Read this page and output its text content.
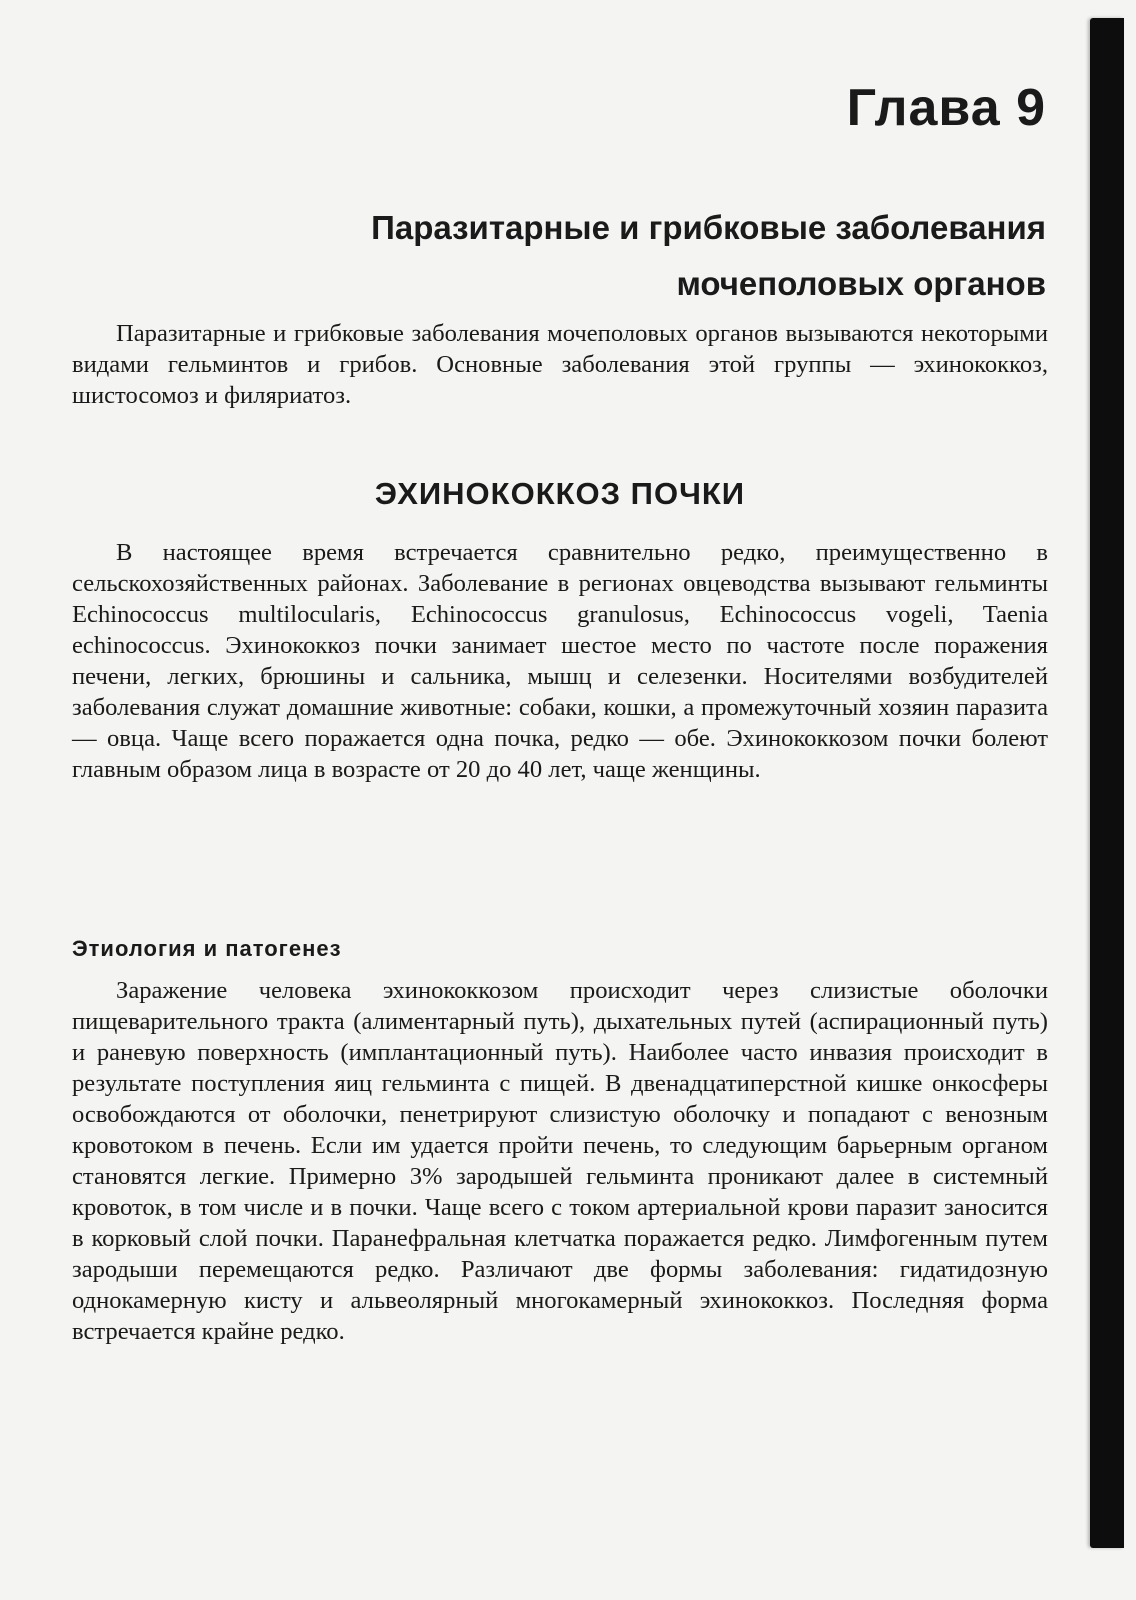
Глава 9
Паразитарные и грибковые заболевания
мочеполовых органов

Паразитарные и грибковые заболевания мочеполовых органов вызываются некоторыми видами гельминтов и грибов. Основные заболевания этой группы — эхинококкоз, шистосомоз и филяриатоз.

ЭХИНОКОККОЗ ПОЧКИ

В настоящее время встречается сравнительно редко, преимущественно в сельскохозяйственных районах. Заболевание в регионах овцеводства вызывают гельминты Echinococcus multilocularis, Echinococcus granulosus, Echinococcus vogeli, Taenia echinococcus. Эхинококкоз почки занимает шестое место по частоте после поражения печени, легких, брюшины и сальника, мышц и селезенки. Носителями возбудителей заболевания служат домашние животные: собаки, кошки, а промежуточный хозяин паразита — овца. Чаще всего поражается одна почка, редко — обе. Эхинококкозом почки болеют главным образом лица в возрасте от 20 до 40 лет, чаще женщины.

Этиология и патогенез

Заражение человека эхинококкозом происходит через слизистые оболочки пищеварительного тракта (алиментарный путь), дыхательных путей (аспирационный путь) и раневую поверхность (имплантационный путь). Наиболее часто инвазия происходит в результате поступления яиц гельминта с пищей. В двенадцатиперстной кишке онкосферы освобождаются от оболочки, пенетрируют слизистую оболочку и попадают с венозным кровотоком в печень. Если им удается пройти печень, то следующим барьерным органом становятся легкие. Примерно 3% зародышей гельминта проникают далее в системный кровоток, в том числе и в почки. Чаще всего с током артериальной крови паразит заносится в корковый слой почки. Паранефральная клетчатка поражается редко. Лимфогенным путем зародыши перемещаются редко. Различают две формы заболевания: гидатидозную однокамерную кисту и альвеолярный многокамерный эхинококкоз. Последняя форма встречается крайне редко.
